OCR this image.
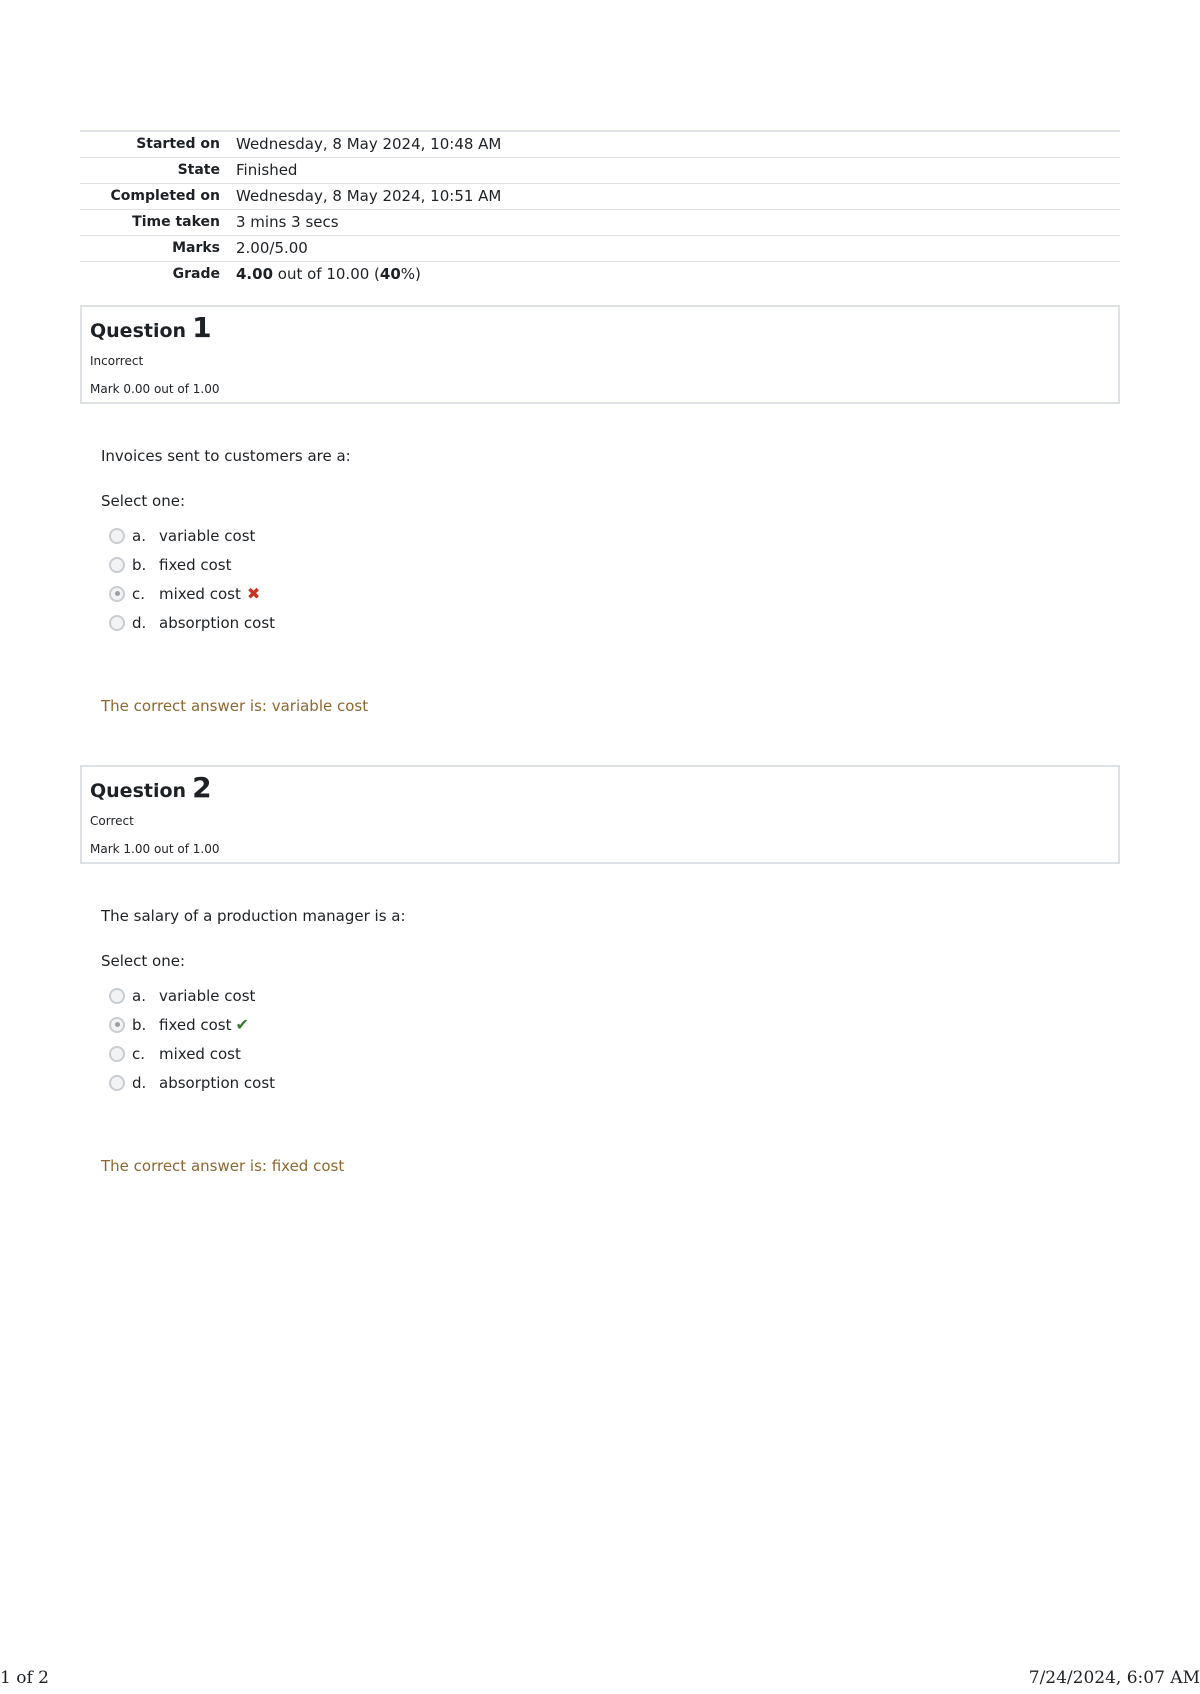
Started on	Wednesday, 8 May 2024, 10:48 AM
State	Finished
Completed on	Wednesday, 8 May 2024, 10:51 AM
Time taken	3 mins 3 secs
Marks	2.00/5.00
Grade	4.00 out of 10.00 (40%)
Question 1
Incorrect
Mark 0.00 out of 1.00
Invoices sent to customers are a:
Select one:
a. variable cost
b. fixed cost
c. mixed cost ✖
d. absorption cost
The correct answer is: variable cost
Question 2
Correct
Mark 1.00 out of 1.00
The salary of a production manager is a:
Select one:
a. variable cost
b. fixed cost ✔
c. mixed cost
d. absorption cost
The correct answer is: fixed cost
1 of 2	7/24/2024, 6:07 AM
